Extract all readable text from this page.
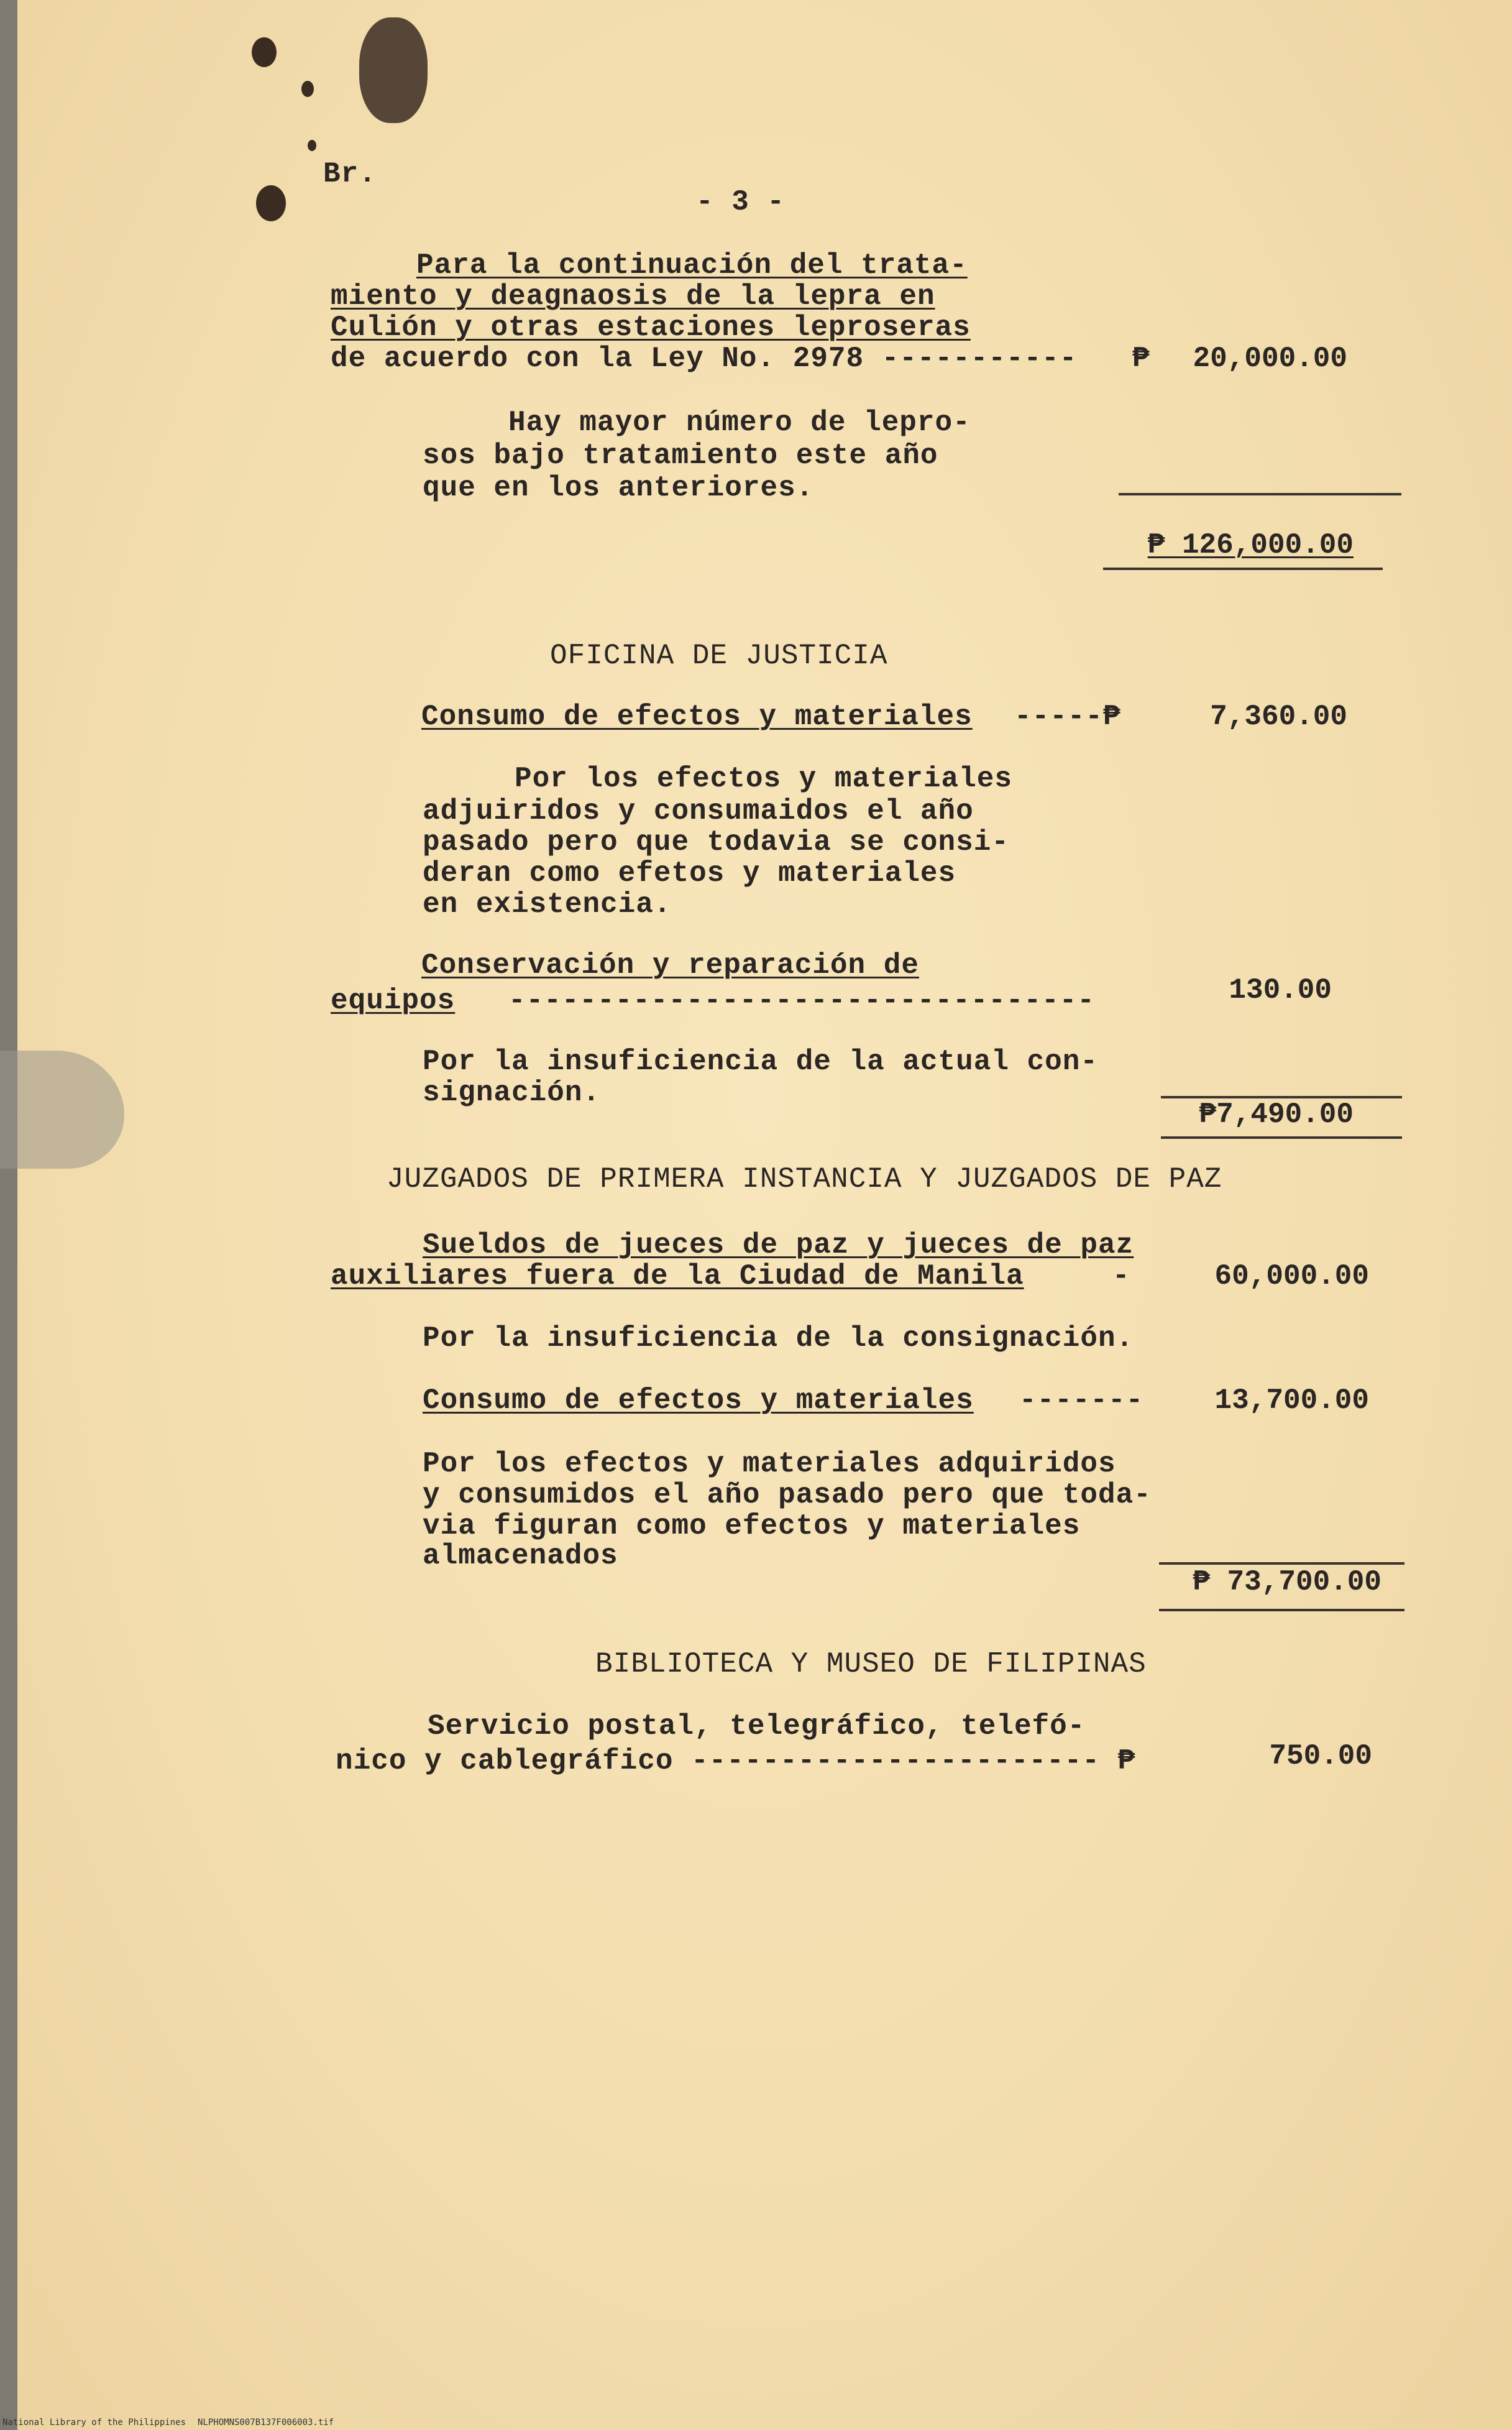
Br.
- 3 -
Para la continuación del trata-
miento y deagnaosis de la lepra en
Culión y otras estaciones leproseras
de acuerdo con la Ley No. 2978 ----------- ₱ 20,000.00
Hay mayor número de lepro-
sos bajo tratamiento este año
que en los anteriores.
₱ 126,000.00
OFICINA DE JUSTICIA
Consumo de efectos y materiales -----₱	7,360.00
Por los efectos y materiales
adjuiridos y consumaidos el año
pasado pero que todavia se consi-
deran como efetos y materiales
en existencia.
Conservación y reparación de
equipos ---------------------------------	130.00
Por la insuficiencia de la actual con-
signación.
₱7,490.00
JUZGADOS DE PRIMERA INSTANCIA Y JUZGADOS DE PAZ
Sueldos de jueces de paz y jueces de paz
auxiliares fuera de la Ciudad de Manila	-	60,000.00
Por la insuficiencia de la consignación.
Consumo de efectos y materiales ------- 13,700.00
Por los efectos y materiales adquiridos
y consumidos el año pasado pero que toda-
via figuran como efectos y materiales
almacenados
₱ 73,700.00
BIBLIOTECA Y MUSEO DE FILIPINAS
Servicio postal, telegráfico, telefó-
nico y cablegráfico ----------------------- ₱	750.00
National Library of the Philippines NLPHOMNS007B137F006003.tif
